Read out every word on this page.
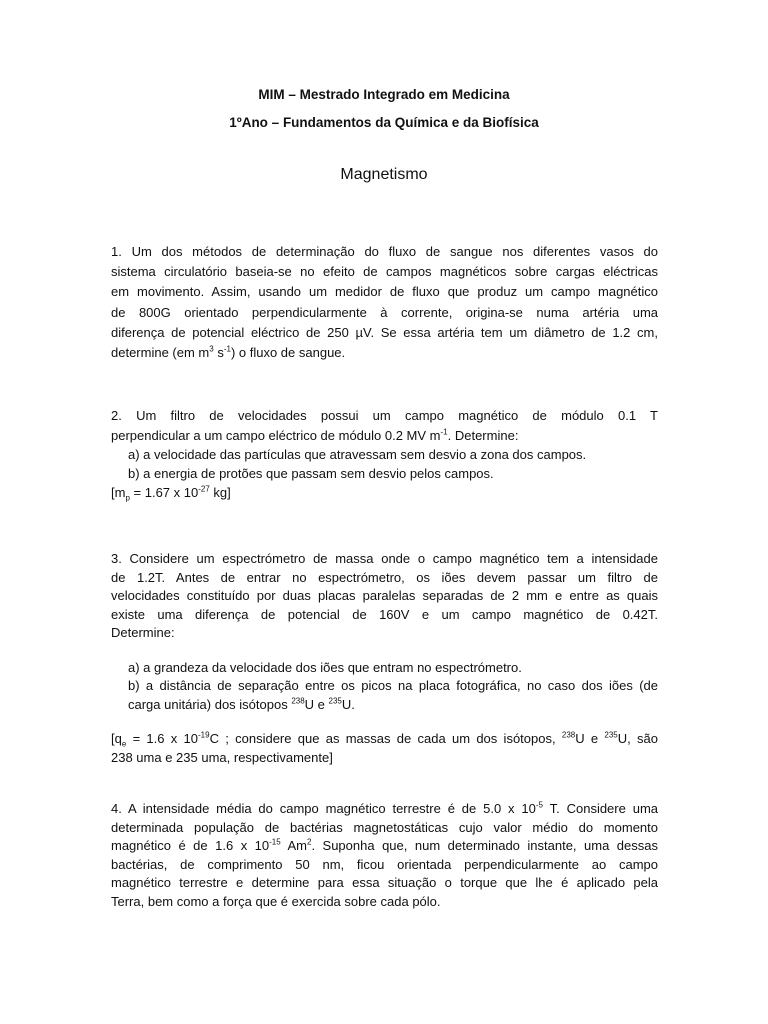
MIM – Mestrado Integrado em Medicina
1ºAno – Fundamentos da Química e da Biofísica
Magnetismo
1. Um dos métodos de determinação do fluxo de sangue nos diferentes vasos do
sistema circulatório baseia-se no efeito de campos magnéticos sobre cargas eléctricas
em movimento. Assim, usando um medidor de fluxo que produz um campo magnético
de 800G orientado perpendicularmente à corrente, origina-se numa artéria uma
diferença de potencial eléctrico de 250 µV. Se essa artéria tem um diâmetro de 1.2 cm,
determine (em $m^3$ $s^{-1}$) o fluxo de sangue.
2. Um filtro de velocidades possui um campo magnético de módulo 0.1 T
perpendicular a um campo eléctrico de módulo 0.2 MV $m^{-1}$. Determine:
a) a velocidade das partículas que atravessam sem desvio a zona dos campos.
b) a energia de protões que passam sem desvio pelos campos.
[$m_p = 1.67$ x $10^{-27}$ kg]
3. Considere um espectrómetro de massa onde o campo magnético tem a intensidade
de 1.2T. Antes de entrar no espectrómetro, os iões devem passar um filtro de
velocidades constituído por duas placas paralelas separadas de 2 mm e entre as quais
existe uma diferença de potencial de 160V e um campo magnético de 0.42T.
Determine:
a) a grandeza da velocidade dos iões que entram no espectrómetro.
b) a distância de separação entre os picos na placa fotográfica, no caso dos iões (de
carga unitária) dos isótopos $^{238}$U e $^{235}$U.
[$q_e = 1.6$ x $10^{-19}C$ ; considere que as massas de cada um dos isótopos, $^{238}$U e $^{235}$U, são
238 uma e 235 uma, respectivamente]
4. A intensidade média do campo magnético terrestre é de 5.0 x $10^{-5}$ T. Considere uma
determinada população de bactérias magnetostáticas cujo valor médio do momento
magnético é de 1.6 x $10^{-15}$ Am$^2$. Suponha que, num determinado instante, uma dessas
bactérias, de comprimento 50 nm, ficou orientada perpendicularmente ao campo
magnético terrestre e determine para essa situação o torque que lhe é aplicado pela
Terra, bem como a força que é exercida sobre cada pólo.
